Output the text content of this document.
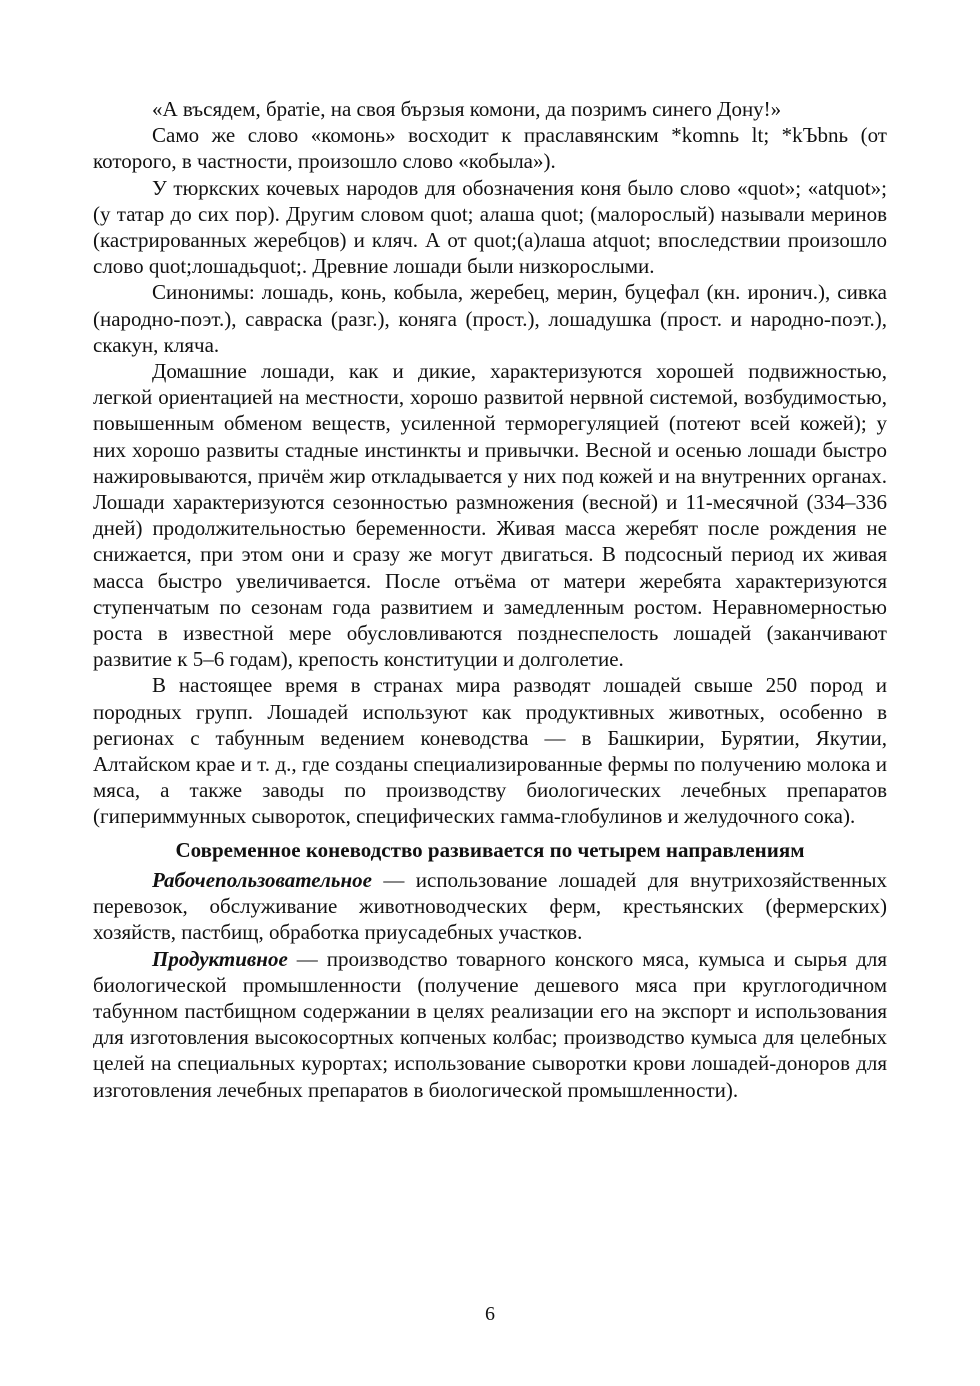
«А въсядем, братіе, на своя бързыя комони, да позримъ синего Дону!»

Само же слово «комонь» восходит к праславянским *komnь lt; *kЪbnь (от которого, в частности, произошло слово «кобыла»).

У тюркских кочевых народов для обозначения коня было слово «quot»; «atquot»; (у татар до сих пор). Другим словом quot; алаша quot; (малорослый) называли меринов (кастрированных жеребцов) и кляч. А от quot;(а)лаша atquot; впоследствии произошло слово quot;лошадьquot;. Древние лошади были низкорослыми.

Синонимы: лошадь, конь, кобыла, жеребец, мерин, буцефал (кн. иронич.), сивка (народно-поэт.), савраска (разг.), коняга (прост.), лошадушка (прост. и народно-поэт.), скакун, кляча.

Домашние лошади, как и дикие, характеризуются хорошей подвижностью, легкой ориентацией на местности, хорошо развитой нервной системой, возбудимостью, повышенным обменом веществ, усиленной терморегуляцией (потеют всей кожей); у них хорошо развиты стадные инстинкты и привычки. Весной и осенью лошади быстро нажировываются, причём жир откладывается у них под кожей и на внутренних органах. Лошади характеризуются сезонностью размножения (весной) и 11-месячной (334–336 дней) продолжительностью беременности. Живая масса жеребят после рождения не снижается, при этом они и сразу же могут двигаться. В подсосный период их живая масса быстро увеличивается. После отъёма от матери жеребята характеризуются ступенчатым по сезонам года развитием и замедленным ростом. Неравномерностью роста в известной мере обусловливаются позднеспелость лошадей (заканчивают развитие к 5–6 годам), крепость конституции и долголетие.

В настоящее время в странах мира разводят лошадей свыше 250 пород и породных групп. Лошадей используют как продуктивных животных, особенно в регионах с табунным ведением коневодства — в Башкирии, Бурятии, Якутии, Алтайском крае и т. д., где созданы специализированные фермы по получению молока и мяса, а также заводы по производству биологических лечебных препаратов (гипериммунных сывороток, специфических гамма-глобулинов и желудочного сока).

Современное коневодство развивается по четырем направлениям

Рабочепользовательное — использование лошадей для внутрихозяйственных перевозок, обслуживание животноводческих ферм, крестьянских (фермерских) хозяйств, пастбищ, обработка приусадебных участков.

Продуктивное — производство товарного конского мяса, кумыса и сырья для биологической промышленности (получение дешевого мяса при круглогодичном табунном пастбищном содержании в целях реализации его на экспорт и использования для изготовления высокосортных копченых колбас; производство кумыса для целебных целей на специальных курортах; использование сыворотки крови лошадей-доноров для изготовления лечебных препаратов в биологической промышленности).

6
